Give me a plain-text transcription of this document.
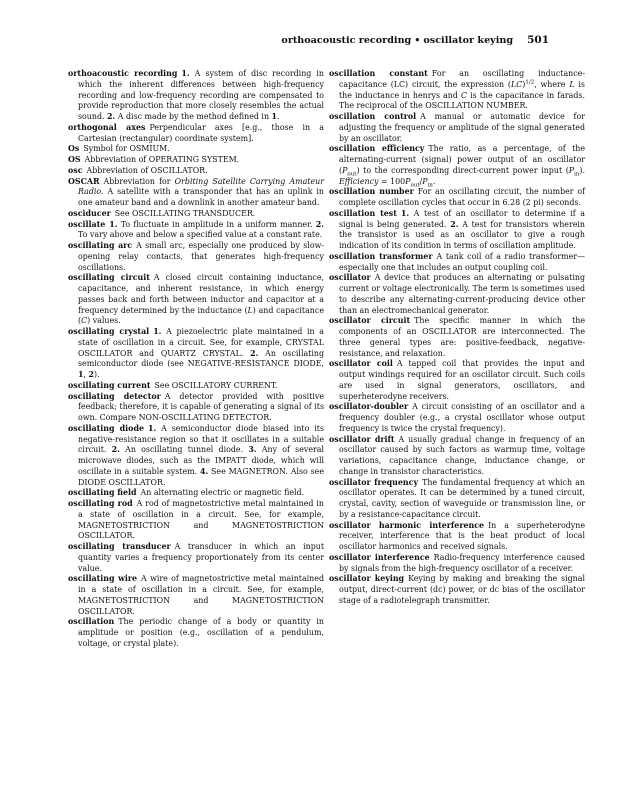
orthoacoustic recording • oscillator keying 501

orthoacoustic recording 1. A system of disc recording in which the inherent differences between high-frequency recording and low-frequency recording are compensated to provide reproduction that more closely resembles the actual sound. 2. A disc made by the method defined in 1.

orthogonal axes Perpendicular axes [e.g., those in a Cartesian (rectangular) coordinate system].

Os Symbol for OSMIUM.

OS Abbreviation of OPERATING SYSTEM.

osc Abbreviation of OSCILLATOR.

OSCAR Abbreviation for Orbiting Satellite Carrying Amateur Radio. A satellite with a transponder that has an uplink in one amateur band and a downlink in another amateur band.

osciducer See OSCILLATING TRANSDUCER.

oscillate 1. To fluctuate in amplitude in a uniform manner. 2. To vary above and below a specified value at a constant rate.

oscillating arc A small arc, especially one produced by slow-opening relay contacts, that generates high-frequency oscillations.

oscillating circuit A closed circuit containing inductance, capacitance, and inherent resistance, in which energy passes back and forth between inductor and capacitor at a frequency determined by the inductance (L) and capacitance (C) values.

oscillating crystal 1. A piezoelectric plate maintained in a state of oscillation in a circuit. See, for example, CRYSTAL OSCILLATOR and QUARTZ CRYSTAL. 2. An oscillating semiconductor diode (see NEGATIVE-RESISTANCE DIODE, 1, 2).

oscillating current See OSCILLATORY CURRENT.

oscillating detector A detector provided with positive feedback; therefore, it is capable of generating a signal of its own. Compare NON-OSCILLATING DETECTOR.

oscillating diode 1. A semiconductor diode biased into its negative-resistance region so that it oscillates in a suitable circuit. 2. An oscillating tunnel diode. 3. Any of several microwave diodes, such as the IMPATT diode, which will oscillate in a suitable system. 4. See MAGNETRON. Also see DIODE OSCILLATOR.

oscillating field An alternating electric or magnetic field.

oscillating rod A rod of magnetostrictive metal maintained in a state of oscillation in a circuit. See, for example, MAGNETOSTRICTION and MAGNETOSTRICTION OSCILLATOR.

oscillating transducer A transducer in which an input quantity varies a frequency proportionately from its center value.

oscillating wire A wire of magnetostrictive metal maintained in a state of oscillation in a circuit. See, for example, MAGNETOSTRICTION and MAGNETOSTRICTION OSCILLATOR.

oscillation The periodic change of a body or quantity in amplitude or position (e.g., oscillation of a pendulum, voltage, or crystal plate).

oscillation constant For an oscillating inductance-capacitance (LC) circuit, the expression (LC)$^{1/2}$, where L is the inductance in henrys and C is the capacitance in farads. The reciprocal of the OSCILLATION NUMBER.

oscillation control A manual or automatic device for adjusting the frequency or amplitude of the signal generated by an oscillator.

oscillation efficiency The ratio, as a percentage, of the alternating-current (signal) power output of an oscillator $(P_{out})$ to the corresponding direct-current power input $(P_{in})$. Efficiency = $100P_{out}/P_{in}$.

oscillation number For an oscillating circuit, the number of complete oscillation cycles that occur in 6.28 (2 pi) seconds.

oscillation test 1. A test of an oscillator to determine if a signal is being generated. 2. A test for transistors wherein the transistor is used as an oscillator to give a rough indication of its condition in terms of oscillation amplitude.

oscillation transformer A tank coil of a radio transformer—especially one that includes an output coupling coil.

oscillator A device that produces an alternating or pulsating current or voltage electronically. The term is sometimes used to describe any alternating-current-producing device other than an electromechanical generator.

oscillator circuit The specific manner in which the components of an OSCILLATOR are interconnected. The three general types are: positive-feedback, negative-resistance, and relaxation.

oscillator coil A tapped coil that provides the input and output windings required for an oscillator circuit. Such coils are used in signal generators, oscillators, and superheterodyne receivers.

oscillator-doubler A circuit consisting of an oscillator and a frequency doubler (e.g., a crystal oscillator whose output frequency is twice the crystal frequency).

oscillator drift A usually gradual change in frequency of an oscillator caused by such factors as warmup time, voltage variations, capacitance change, inductance change, or change in transistor characteristics.

oscillator frequency The fundamental frequency at which an oscillator operates. It can be determined by a tuned circuit, crystal, cavity, section of waveguide or transmission line, or by a resistance-capacitance circuit.

oscillator harmonic interference In a superheterodyne receiver, interference that is the beat product of local oscillator harmonics and received signals.

oscillator interference Radio-frequency interference caused by signals from the high-frequency oscillator of a receiver.

oscillator keying Keying by making and breaking the signal output, direct-current (dc) power, or dc bias of the oscillator stage of a radiotelegraph transmitter.
